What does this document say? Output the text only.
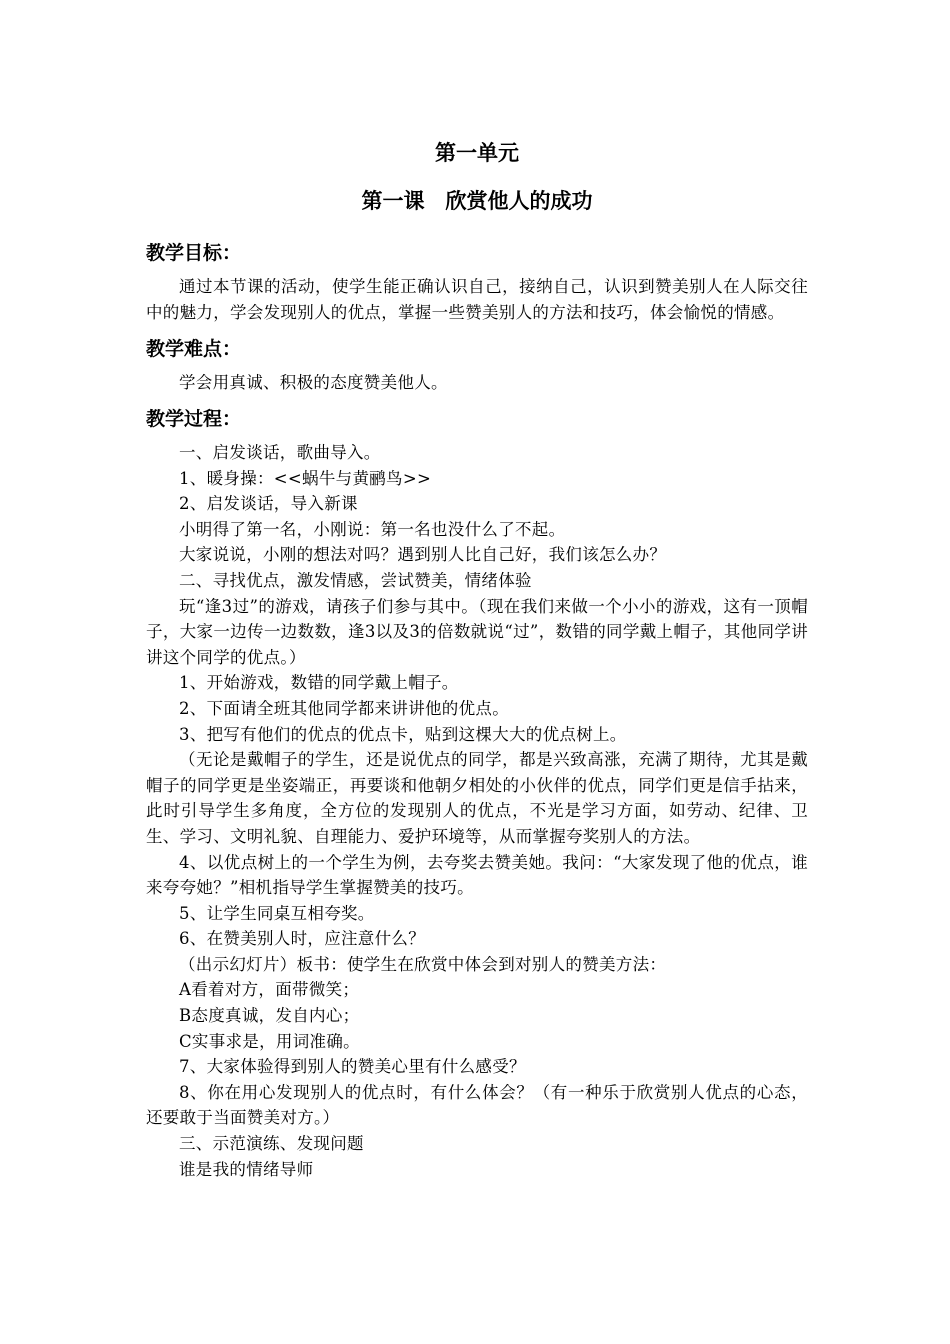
第一单元
第一课　欣赏他人的成功
教学目标：

通过本节课的活动，使学生能正确认识自己，接纳自己，认识到赞美别人在人际交往中的魅力，学会发现别人的优点，掌握一些赞美别人的方法和技巧，体会愉悦的情感。

教学难点：

学会用真诚、积极的态度赞美他人。

教学过程：

一、启发谈话，歌曲导入。

1、暖身操：<<蜗牛与黄鹂鸟>>

2、启发谈话，导入新课

小明得了第一名，小刚说：第一名也没什么了不起。

大家说说，小刚的想法对吗？遇到别人比自己好，我们该怎么办？

二、寻找优点，激发情感，尝试赞美，情绪体验

玩“逢3过”的游戏，请孩子们参与其中。（现在我们来做一个小小的游戏，这有一顶帽子，大家一边传一边数数，逢3以及3的倍数就说“过”，数错的同学戴上帽子，其他同学讲讲这个同学的优点。）

1、开始游戏，数错的同学戴上帽子。

2、下面请全班其他同学都来讲讲他的优点。

3、把写有他们的优点的优点卡，贴到这棵大大的优点树上。

（无论是戴帽子的学生，还是说优点的同学，都是兴致高涨，充满了期待，尤其是戴帽子的同学更是坐姿端正，再要谈和他朝夕相处的小伙伴的优点，同学们更是信手拈来，此时引导学生多角度，全方位的发现别人的优点，不光是学习方面，如劳动、纪律、卫生、学习、文明礼貌、自理能力、爱护环境等，从而掌握夸奖别人的方法。

4、以优点树上的一个学生为例，去夸奖去赞美她。我问：“大家发现了他的优点，谁来夸夸她？”相机指导学生掌握赞美的技巧。

5、让学生同桌互相夸奖。

6、在赞美别人时，应注意什么？

（出示幻灯片）板书：使学生在欣赏中体会到对别人的赞美方法：

A看着对方，面带微笑；

B态度真诚，发自内心；

C实事求是，用词准确。

7、大家体验得到别人的赞美心里有什么感受？

8、你在用心发现别人的优点时，有什么体会？（有一种乐于欣赏别人优点的心态，还要敢于当面赞美对方。）

三、示范演练、发现问题

谁是我的情绪导师
